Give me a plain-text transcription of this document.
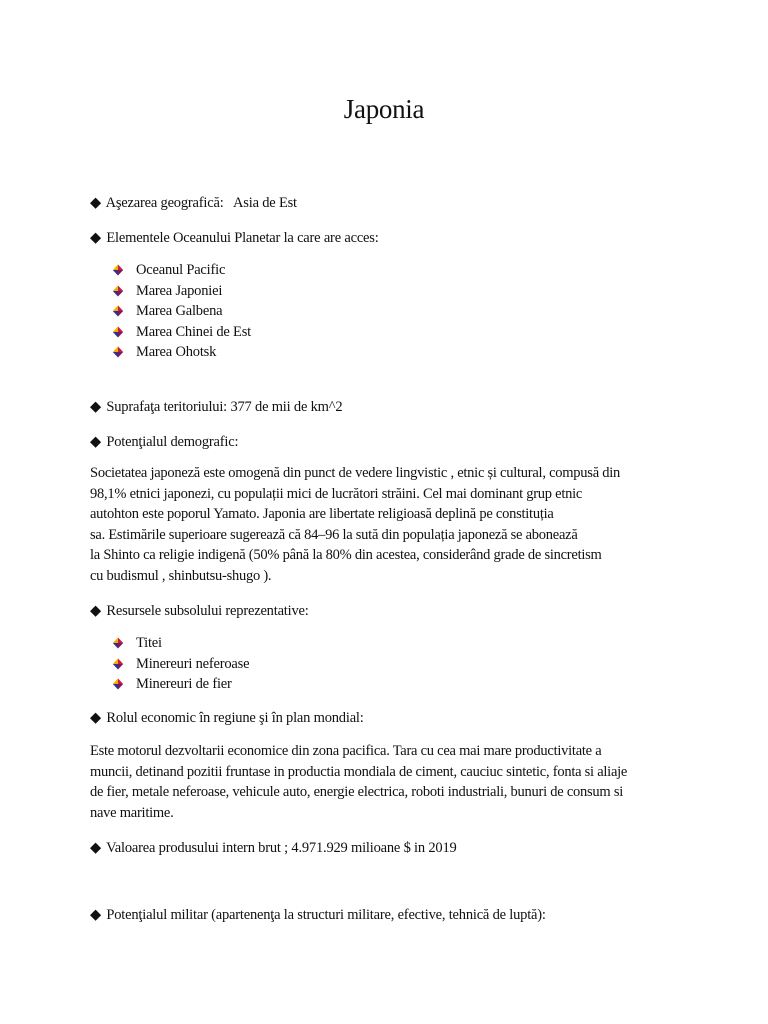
Japonia
◆ Aşezarea geografică: Asia de Est
◆ Elementele Oceanului Planetar la care are acces:
Oceanul Pacific
Marea Japoniei
Marea Galbena
Marea Chinei de Est
Marea Ohotsk
◆ Suprafaţa teritoriului: 377 de mii de km^2
◆ Potenţialul demografic:

Societatea japoneză este omogenă din punct de vedere lingvistic , etnic și cultural, compusă din
98,1% etnici japonezi, cu populații mici de lucrători străini. Cel mai dominant grup etnic
autohton este poporul Yamato. Japonia are libertate religioasă deplină pe constituția
sa. Estimările superioare sugerează că 84–96 la sută din populația japoneză se abonează
la Shinto ca religie indigenă (50% până la 80% din acestea, considerând grade de sincretism
cu budismul , shinbutsu-shugo ).

◆ Resursele subsolului reprezentative:
Titei
Minereuri neferoase
Minereuri de fier
◆ Rolul economic în regiune şi în plan mondial:

Este motorul dezvoltarii economice din zona pacifica. Tara cu cea mai mare productivitate a
muncii, detinand pozitii fruntase in productia mondiala de ciment, cauciuc sintetic, fonta si aliaje
de fier, metale neferoase, vehicule auto, energie electrica, roboti industriali, bunuri de consum si
nave maritime.

◆ Valoarea produsului intern brut ; 4.971.929 milioane $ in 2019
◆ Potenţialul militar (apartenenţa la structuri militare, efective, tehnică de luptă):
